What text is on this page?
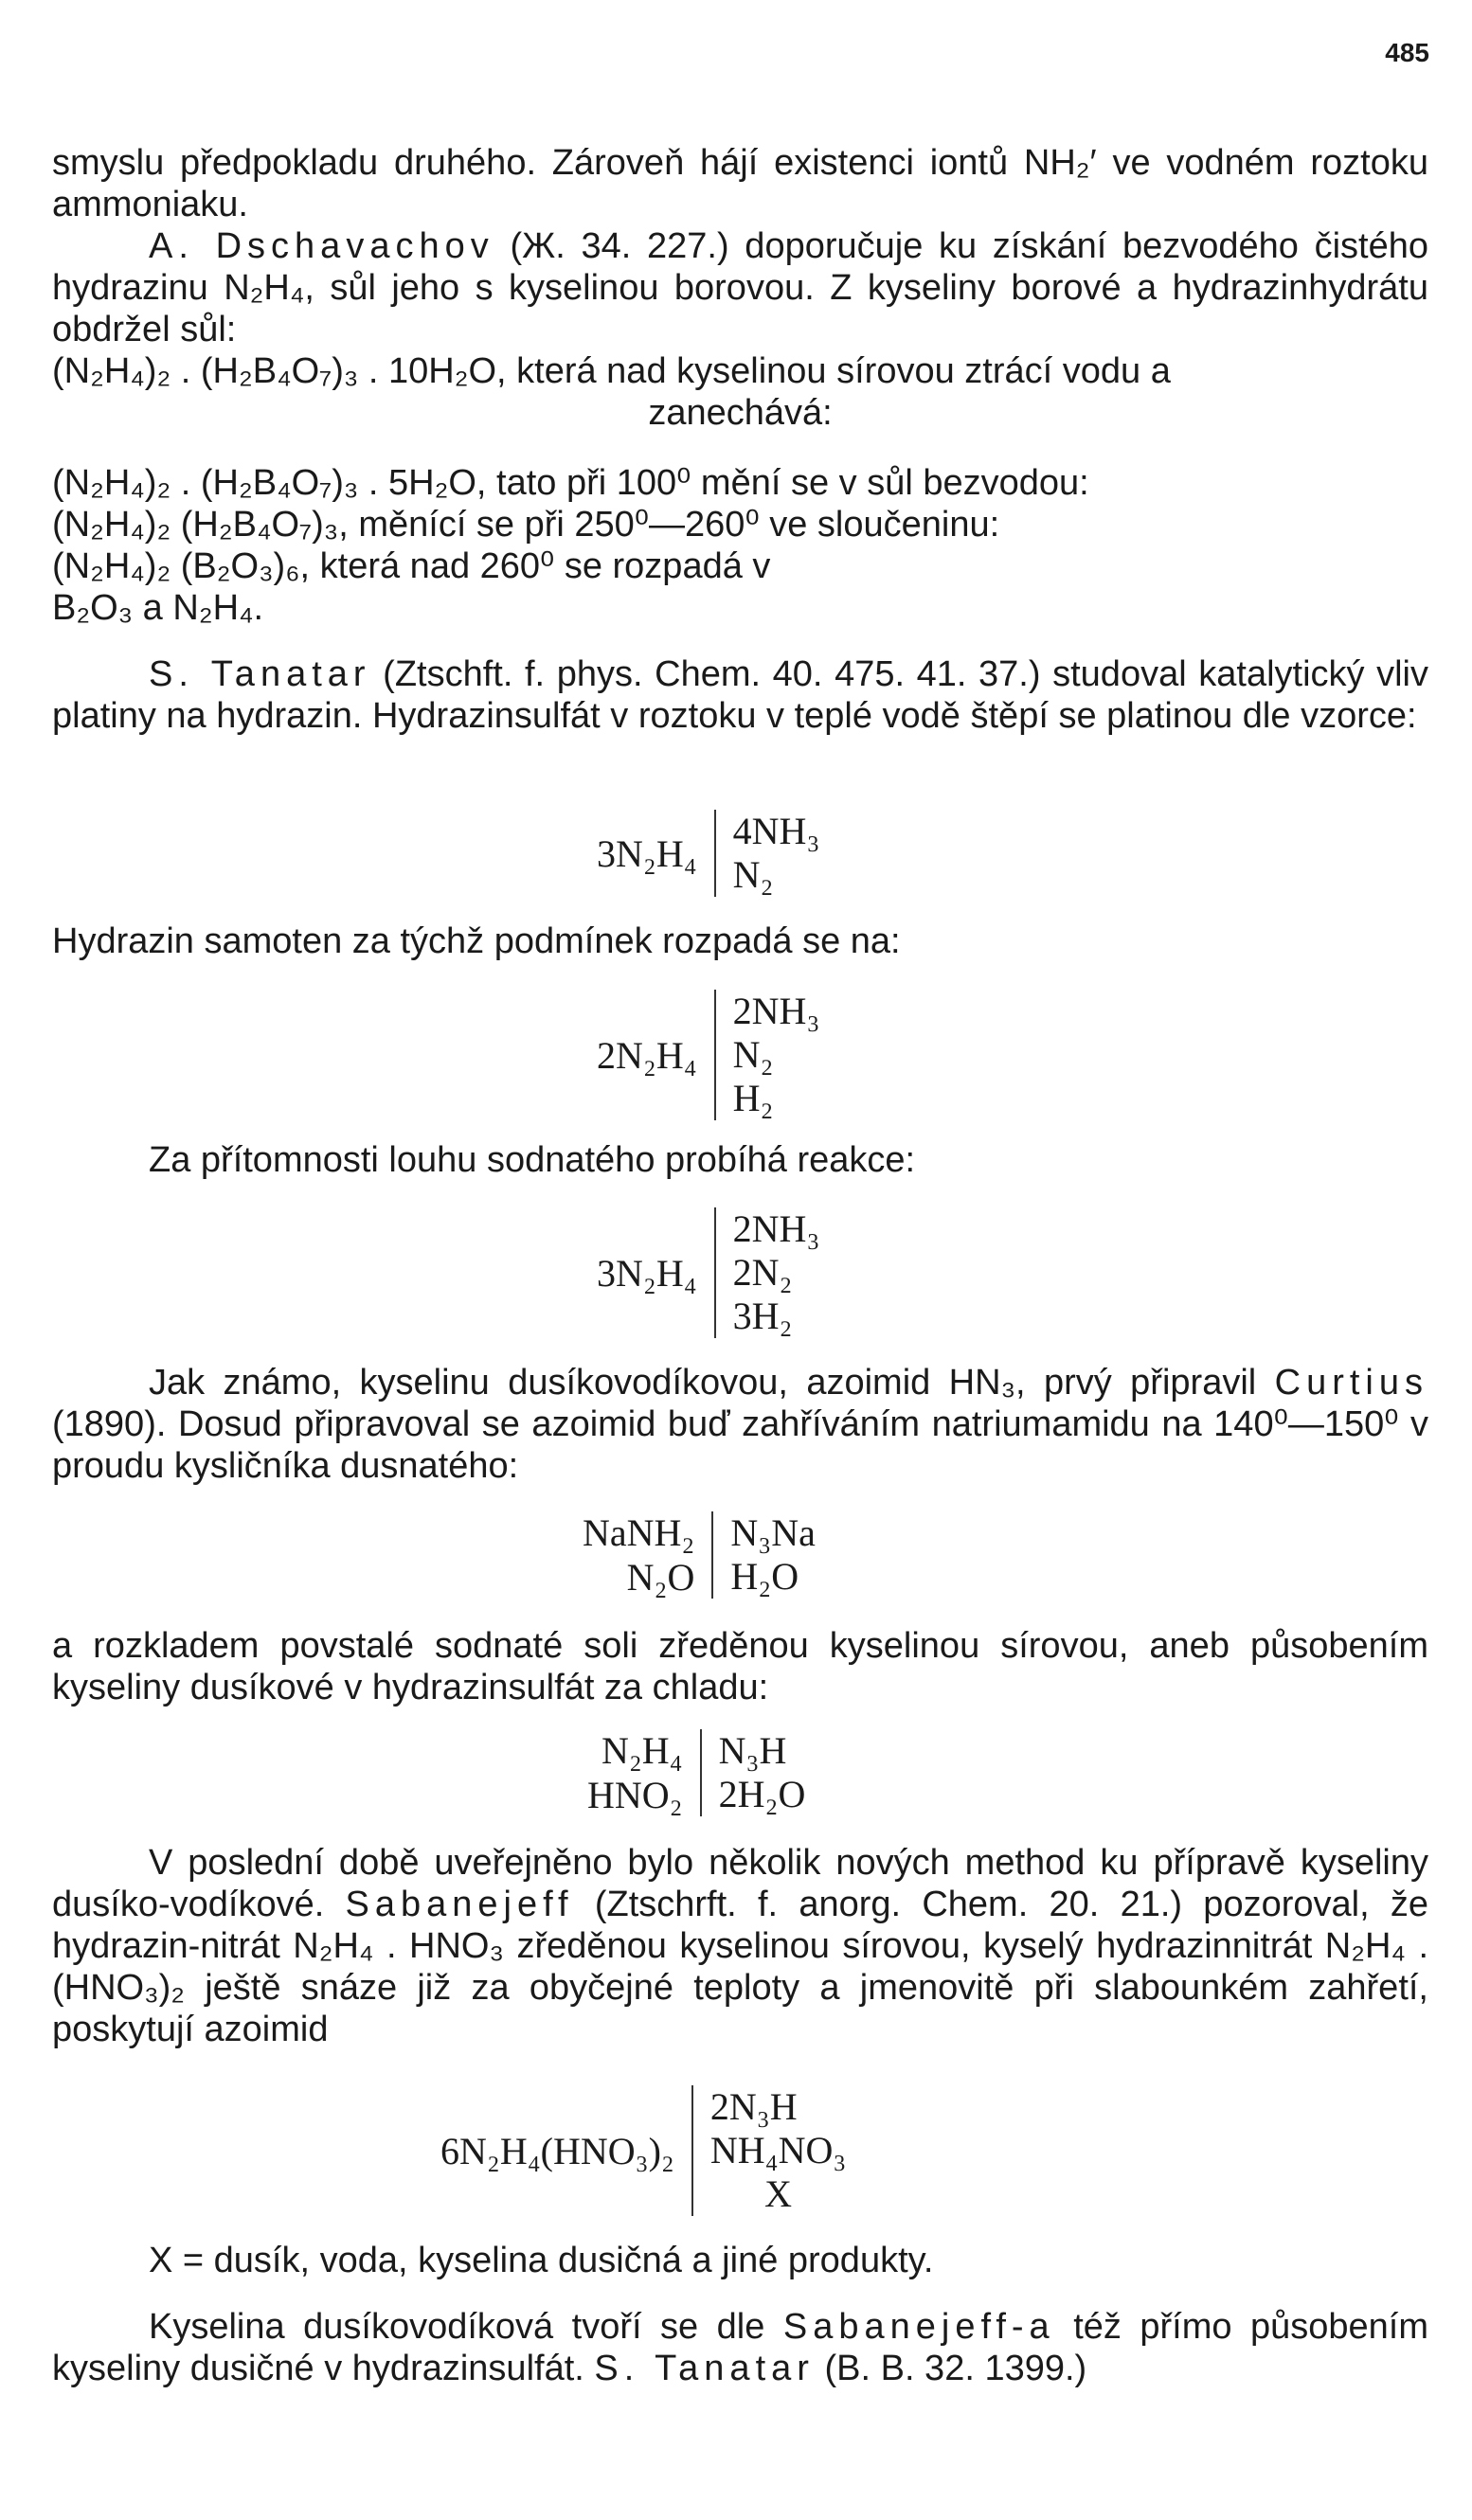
485
smyslu předpokladu druhého. Zároveň hájí existenci iontů NH₂′ ve vodném roztoku ammoniaku.
A. Dschavachov (Ж. 34. 227.) doporučuje ku získání bezvodého čistého hydrazinu N₂H₄, sůl jeho s kyselinou borovou. Z kyseliny borové a hydrazinhydrátu obdržel sůl:
(N₂H₄)₂ . (H₂B₄O₇)₃ . 10H₂O, která nad kyselinou sírovou ztrácí vodu a
zanechává:
(N₂H₄)₂ . (H₂B₄O₇)₃ . 5H₂O, tato při 100⁰ mění se v sůl bezvodou:
(N₂H₄)₂ (H₂B₄O₇)₃, měnící se při 250⁰—260⁰ ve sloučeninu:
(N₂H₄)₂ (B₂O₃)₆, která nad 260⁰ se rozpadá v
B₂O₃ a N₂H₄.
S. Tanatar (Ztschft. f. phys. Chem. 40. 475. 41. 37.) studoval katalytický vliv platiny na hydrazin. Hydrazinsulfát v roztoku v teplé vodě štěpí se platinou dle vzorce:
3N₂H₄
4NH₃
N₂
Hydrazin samoten za týchž podmínek rozpadá se na:
2N₂H₄
2NH₃
N₂
H₂
Za přítomnosti louhu sodnatého probíhá reakce:
3N₂H₄
2NH₃
2N₂
3H₂
Jak známo, kyselinu dusíkovodíkovou, azoimid HN₃, prvý připravil Curtius (1890). Dosud připravoval se azoimid buď zahříváním natriumamidu na 140⁰—150⁰ v proudu kysličníka dusnatého:
NaNH₂
N₂O
N₃Na
H₂O
a rozkladem povstalé sodnaté soli zředěnou kyselinou sírovou, aneb působením kyseliny dusíkové v hydrazinsulfát za chladu:
N₂H₄
HNO₂
N₃H
2H₂O
V poslední době uveřejněno bylo několik nových method ku přípravě kyseliny dusíko-vodíkové. Sabanejeff (Ztschrft. f. anorg. Chem. 20. 21.) pozoroval, že hydrazin-nitrát N₂H₄ . HNO₃ zředěnou kyselinou sírovou, kyselý hydrazinnitrát N₂H₄ . (HNO₃)₂ ještě snáze již za obyčejné teploty a jmenovitě při slabounkém zahřetí, poskytují azoimid
6N₂H₄(HNO₃)₂
2N₃H
NH₄NO₃
X
X = dusík, voda, kyselina dusičná a jiné produkty.
Kyselina dusíkovodíková tvoří se dle Sabanejeff-a též přímo působením kyseliny dusičné v hydrazinsulfát. S. Tanatar (B. B. 32. 1399.)
